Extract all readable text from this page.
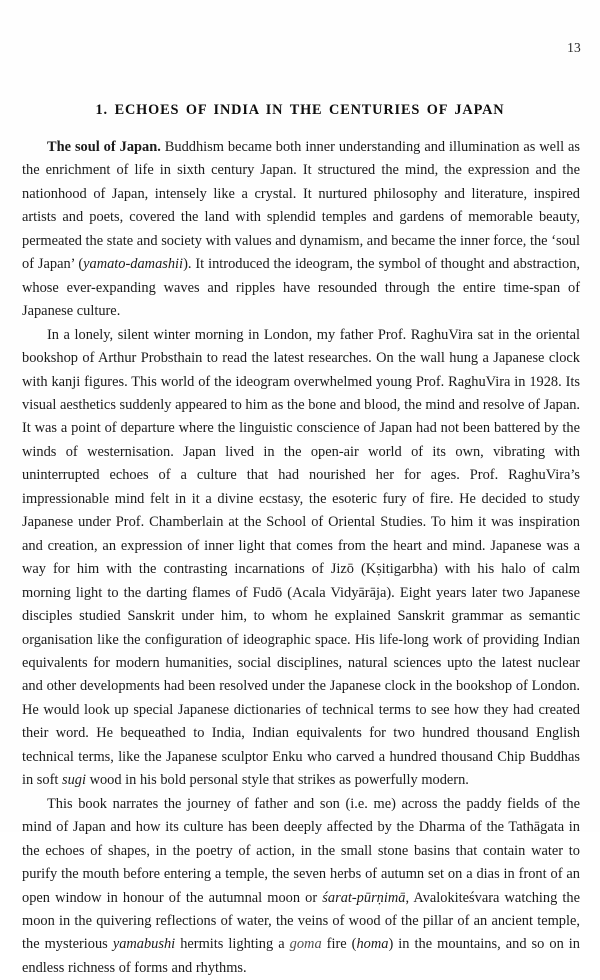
13
1. ECHOES OF INDIA IN THE CENTURIES OF JAPAN

The soul of Japan. Buddhism became both inner understanding and illumination as well as the enrichment of life in sixth century Japan. It structured the mind, the expression and the nationhood of Japan, intensely like a crystal. It nurtured philosophy and literature, inspired artists and poets, covered the land with splendid temples and gardens of memorable beauty, permeated the state and society with values and dynamism, and became the inner force, the ‘soul of Japan’ (yamato-damashii). It introduced the ideogram, the symbol of thought and abstraction, whose ever-expanding waves and ripples have resounded through the entire time-span of Japanese culture.

In a lonely, silent winter morning in London, my father Prof. RaghuVira sat in the oriental bookshop of Arthur Probsthain to read the latest researches. On the wall hung a Japanese clock with kanji figures. This world of the ideogram overwhelmed young Prof. RaghuVira in 1928. Its visual aesthetics suddenly appeared to him as the bone and blood, the mind and resolve of Japan. It was a point of departure where the linguistic conscience of Japan had not been battered by the winds of westernisation. Japan lived in the open-air world of its own, vibrating with uninterrupted echoes of a culture that had nourished her for ages. Prof. RaghuVira’s impressionable mind felt in it a divine ecstasy, the esoteric fury of fire. He decided to study Japanese under Prof. Chamberlain at the School of Oriental Studies. To him it was inspiration and creation, an expression of inner light that comes from the heart and mind. Japanese was a way for him with the contrasting incarnations of Jizō (Kṣitigarbha) with his halo of calm morning light to the darting flames of Fudō (Acala Vidyārāja). Eight years later two Japanese disciples studied Sanskrit under him, to whom he explained Sanskrit grammar as semantic organisation like the configuration of ideographic space. His life-long work of providing Indian equivalents for modern humanities, social disciplines, natural sciences upto the latest nuclear and other developments had been resolved under the Japanese clock in the bookshop of London. He would look up special Japanese dictionaries of technical terms to see how they had created their word. He bequeathed to India, Indian equivalents for two hundred thousand English technical terms, like the Japanese sculptor Enku who carved a hundred thousand Chip Buddhas in soft sugi wood in his bold personal style that strikes as powerfully modern.

This book narrates the journey of father and son (i.e. me) across the paddy fields of the mind of Japan and how its culture has been deeply affected by the Dharma of the Tathāgata in the echoes of shapes, in the poetry of action, in the small stone basins that contain water to purify the mouth before entering a temple, the seven herbs of autumn set on a dias in front of an open window in honour of the autumnal moon or śarat-pūrṇimā, Avalokiteśvara watching the moon in the quivering reflections of water, the veins of wood of the pillar of an ancient temple, the mysterious yamabushi hermits lighting a goma fire (homa) in the mountains, and so on in endless richness of forms and rhythms.
